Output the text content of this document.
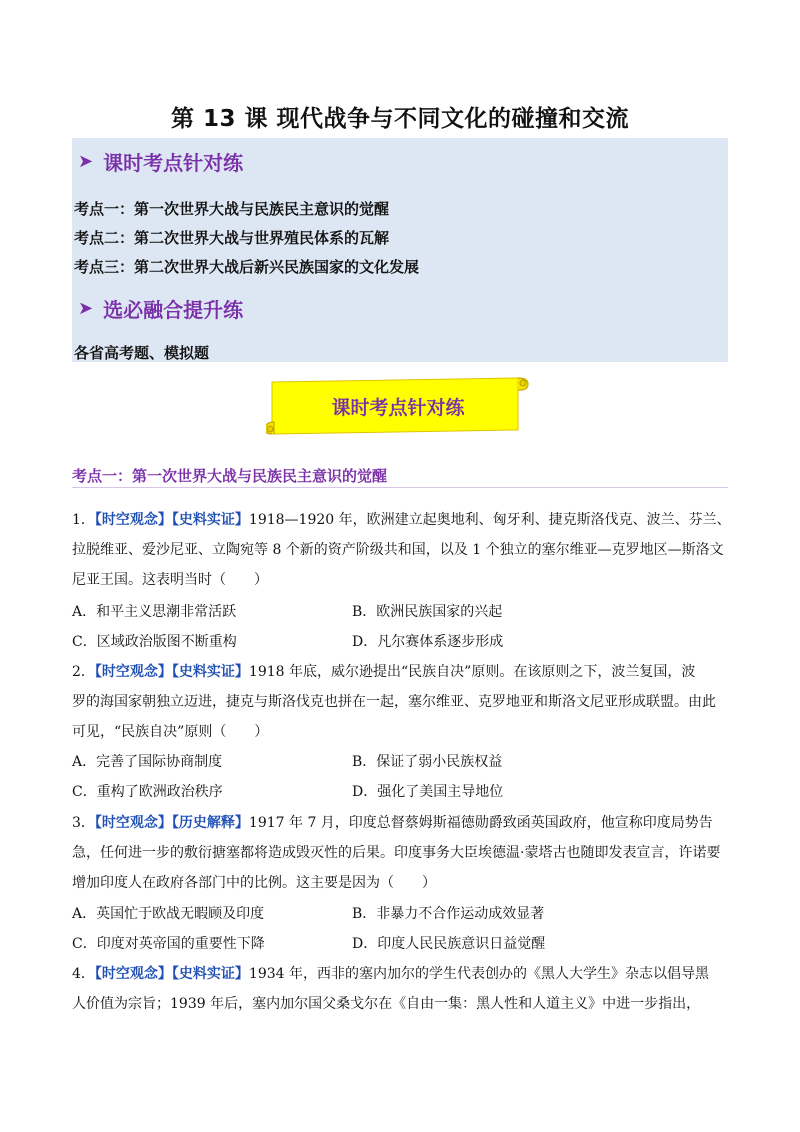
第 13 课 现代战争与不同文化的碰撞和交流
➤ 课时考点针对练
考点一：第一次世界大战与民族民主意识的觉醒
考点二：第二次世界大战与世界殖民体系的瓦解
考点三：第二次世界大战后新兴民族国家的文化发展
➤ 选必融合提升练
各省高考题、模拟题
课时考点针对练
考点一：第一次世界大战与民族民主意识的觉醒
1．【时空观念】【史料实证】1918—1920 年，欧洲建立起奥地利、匈牙利、捷克斯洛伐克、波兰、芬兰、
拉脱维亚、爱沙尼亚、立陶宛等 8 个新的资产阶级共和国，以及 1 个独立的塞尔维亚—克罗地区—斯洛文
尼亚王国。这表明当时（　　）
A．和平主义思潮非常活跃	B．欧洲民族国家的兴起
C．区域政治版图不断重构	D．凡尔赛体系逐步形成
2．【时空观念】【史料实证】1918 年底，威尔逊提出“民族自决”原则。在该原则之下，波兰复国，波
罗的海国家朝独立迈进，捷克与斯洛伐克也拼在一起，塞尔维亚、克罗地亚和斯洛文尼亚形成联盟。由此
可见，“民族自决”原则（　　）
A．完善了国际协商制度	B．保证了弱小民族权益
C．重构了欧洲政治秩序	D．强化了美国主导地位
3．【时空观念】【历史解释】1917 年 7 月，印度总督蔡姆斯福德勋爵致函英国政府，他宣称印度局势告
急，任何进一步的敷衍搪塞都将造成毁灭性的后果。印度事务大臣埃德温·蒙塔古也随即发表宣言，许诺要
增加印度人在政府各部门中的比例。这主要是因为（　　）
A．英国忙于欧战无暇顾及印度	B．非暴力不合作运动成效显著
C．印度对英帝国的重要性下降	D．印度人民民族意识日益觉醒
4．【时空观念】【史料实证】1934 年，西非的塞内加尔的学生代表创办的《黑人大学生》杂志以倡导黑
人价值为宗旨；1939 年后，塞内加尔国父桑戈尔在《自由一集：黑人性和人道主义》中进一步指出，
